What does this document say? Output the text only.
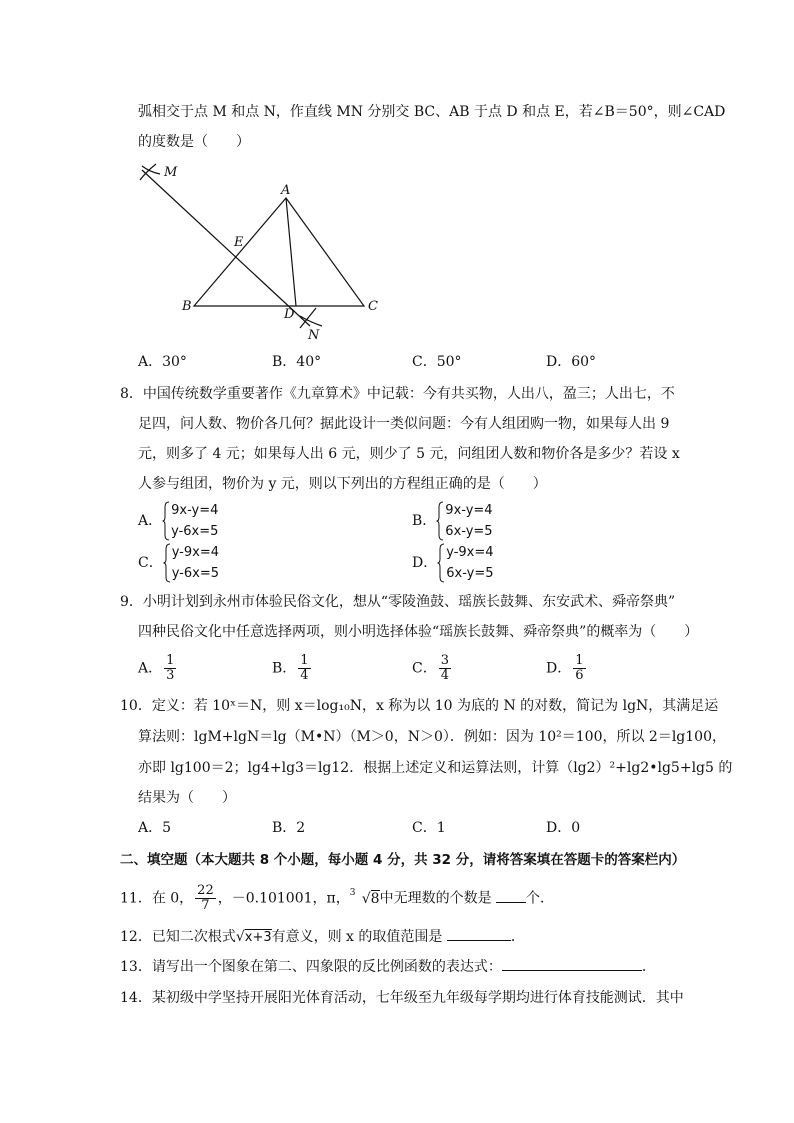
弧相交于点 M 和点 N，作直线 MN 分别交 BC、AB 于点 D 和点 E，若∠B＝50°，则∠CAD
的度数是（　　）
M
A
E
B
D
C
N
A．30°	B．40°	C．50°	D．60°
8．中国传统数学重要著作《九章算术》中记载：今有共买物，人出八，盈三；人出七，不
足四，问人数、物价各几何？据此设计一类似问题：今有人组团购一物，如果每人出 9
元，则多了 4 元；如果每人出 6 元，则少了 5 元，问组团人数和物价各是多少？若设 x
人参与组团，物价为 y 元，则以下列出的方程组正确的是（　　）
A．
9x-y=4
y-6x=5
B．
9x-y=4
6x-y=5
C．
y-9x=4
y-6x=5
D．
y-9x=4
6x-y=5
9．小明计划到永州市体验民俗文化，想从“零陵渔鼓、瑶族长鼓舞、东安武术、舜帝祭典”
四种民俗文化中任意选择两项，则小明选择体验“瑶族长鼓舞、舜帝祭典”的概率为（　　）
A． $\frac{1}{3}$	B． $\frac{1}{4}$	C． $\frac{3}{4}$	D． $\frac{1}{6}$
10．定义：若 10ˣ＝N，则 x＝log₁₀N，x 称为以 10 为底的 N 的对数，简记为 lgN，其满足运
算法则：lgM+lgN＝lg（M•N）（M＞0，N＞0）．例如：因为 10²＝100，所以 2＝lg100，
亦即 lg100＝2；lg4+lg3＝lg12．根据上述定义和运算法则，计算（lg2）²+lg2•lg5+lg5 的
结果为（　　）
A．5	B．2	C．1	D．0
二、填空题（本大题共 8 个小题，每小题 4 分，共 32 分，请将答案填在答题卡的答案栏内）
11．在 0， $\frac{22}{7}$ ，－0.101001，π， 3 √8中无理数的个数是 个．
12．已知二次根式√x+3有意义，则 x 的取值范围是	．
13．请写出一个图象在第二、四象限的反比例函数的表达式：	．
14．某初级中学坚持开展阳光体育活动，七年级至九年级每学期均进行体育技能测试．其中
